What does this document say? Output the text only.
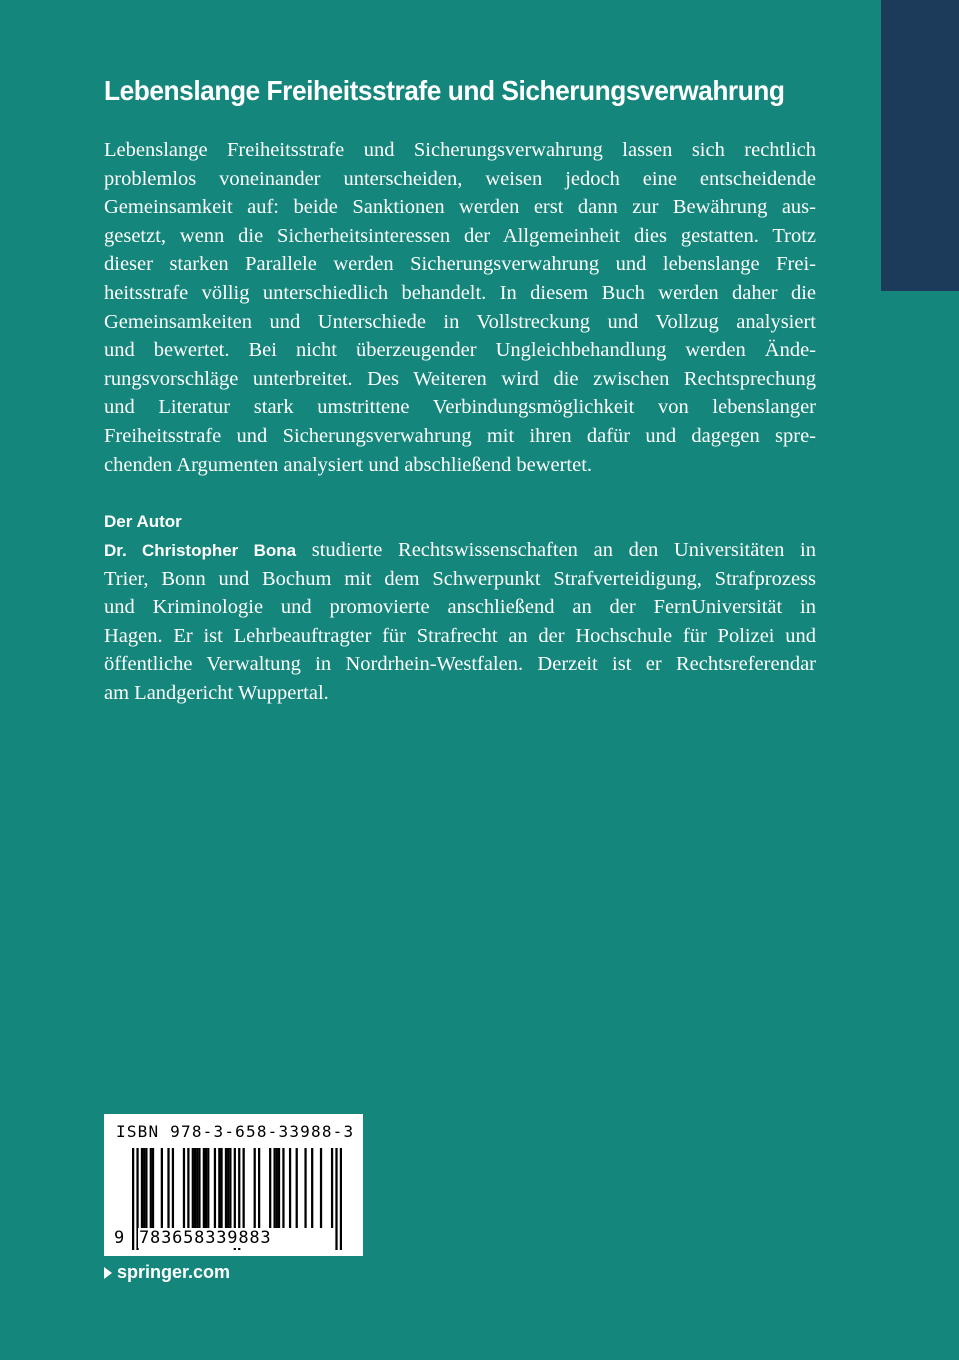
Lebenslange Freiheitsstrafe und Sicherungsverwahrung
Lebenslange Freiheitsstrafe und Sicherungsverwahrung lassen sich rechtlich
problemlos voneinander unterscheiden, weisen jedoch eine entscheidende
Gemeinsamkeit auf: beide Sanktionen werden erst dann zur Bewährung aus-
gesetzt, wenn die Sicherheitsinteressen der Allgemeinheit dies gestatten. Trotz
dieser starken Parallele werden Sicherungsverwahrung und lebenslange Frei-
heitsstrafe völlig unterschiedlich behandelt. In diesem Buch werden daher die
Gemeinsamkeiten und Unterschiede in Vollstreckung und Vollzug analysiert
und bewertet. Bei nicht überzeugender Ungleichbehandlung werden Ände-
rungsvorschläge unterbreitet. Des Weiteren wird die zwischen Rechtsprechung
und Literatur stark umstrittene Verbindungsmöglichkeit von lebenslanger
Freiheitsstrafe und Sicherungsverwahrung mit ihren dafür und dagegen spre-
chenden Argumenten analysiert und abschließend bewertet.
Der Autor
Dr. Christopher Bona studierte Rechtswissenschaften an den Universitäten in
Trier, Bonn und Bochum mit dem Schwerpunkt Strafverteidigung, Strafprozess
und Kriminologie und promovierte anschließend an der FernUniversität in
Hagen. Er ist Lehrbeauftragter für Strafrecht an der Hochschule für Polizei und
öffentliche Verwaltung in Nordrhein-Westfalen. Derzeit ist er Rechtsreferendar
am Landgericht Wuppertal.
ISBN 978-3-658-33988-3
9 783658339883
springer.com
